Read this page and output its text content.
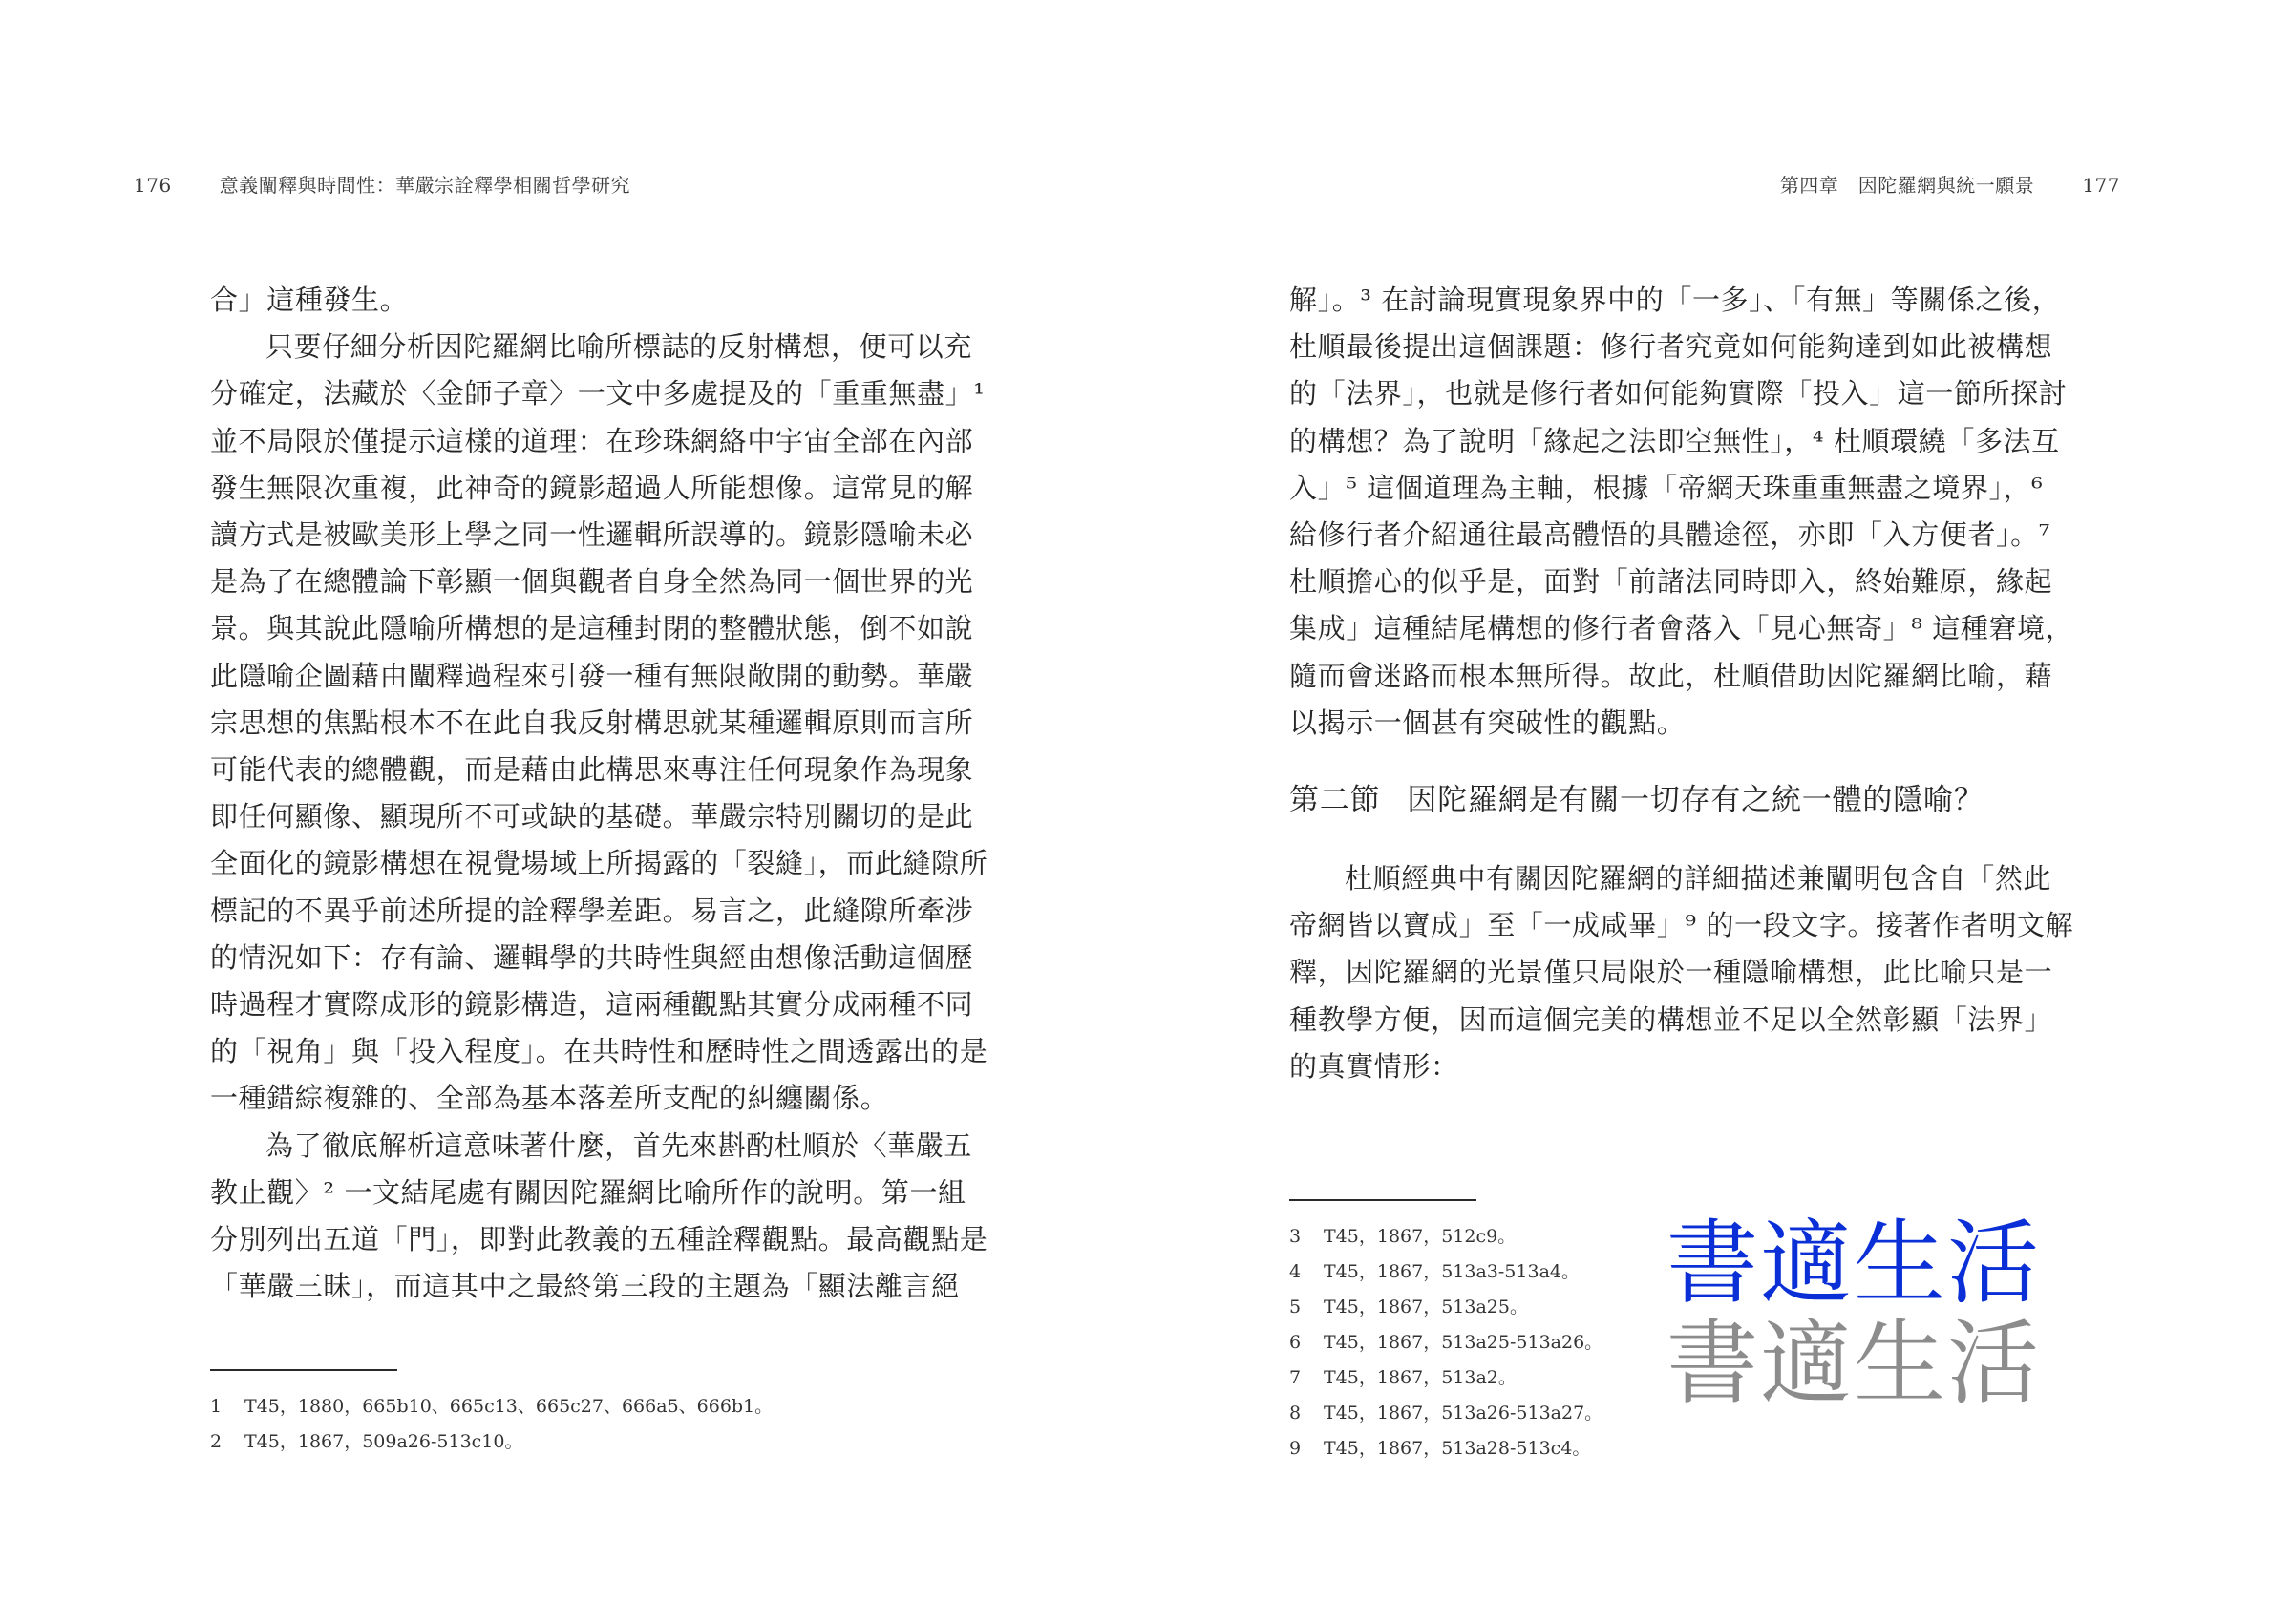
176	意義闡釋與時間性：華嚴宗詮釋學相關哲學研究

合」這種發生。

只要仔細分析因陀羅網比喻所標誌的反射構想，便可以充分確定，法藏於〈金師子章〉一文中多處提及的「重重無盡」¹並不局限於僅提示這樣的道理：在珍珠網絡中宇宙全部在內部發生無限次重複，此神奇的鏡影超過人所能想像。這常見的解讀方式是被歐美形上學之同一性邏輯所誤導的。鏡影隱喻未必是為了在總體論下彰顯一個與觀者自身全然為同一個世界的光景。與其說此隱喻所構想的是這種封閉的整體狀態，倒不如說此隱喻企圖藉由闡釋過程來引發一種有無限敞開的動勢。華嚴宗思想的焦點根本不在此自我反射構思就某種邏輯原則而言所可能代表的總體觀，而是藉由此構思來專注任何現象作為現象即任何顯像、顯現所不可或缺的基礎。華嚴宗特別關切的是此全面化的鏡影構想在視覺場域上所揭露的「裂縫」，而此縫隙所標記的不異乎前述所提的詮釋學差距。易言之，此縫隙所牽涉的情況如下：存有論、邏輯學的共時性與經由想像活動這個歷時過程才實際成形的鏡影構造，這兩種觀點其實分成兩種不同的「視角」與「投入程度」。在共時性和歷時性之間透露出的是一種錯綜複雜的、全部為基本落差所支配的糾纏關係。

為了徹底解析這意味著什麼，首先來斟酌杜順於〈華嚴五教止觀〉² 一文結尾處有關因陀羅網比喻所作的說明。第一組分別列出五道「門」，即對此教義的五種詮釋觀點。最高觀點是「華嚴三昧」，而這其中之最終第三段的主題為「顯法離言絕

1 T45，1880，665b10、665c13、665c27、666a5、666b1。
2 T45，1867，509a26-513c10。
第四章　因陀羅網與統一願景	177

解」。³ 在討論現實現象界中的「一多」、「有無」等關係之後，杜順最後提出這個課題：修行者究竟如何能夠達到如此被構想的「法界」，也就是修行者如何能夠實際「投入」這一節所探討的構想？為了說明「緣起之法即空無性」，⁴ 杜順環繞「多法互入」⁵ 這個道理為主軸，根據「帝網天珠重重無盡之境界」，⁶ 給修行者介紹通往最高體悟的具體途徑，亦即「入方便者」。⁷ 杜順擔心的似乎是，面對「前諸法同時即入，終始難原，緣起集成」這種結尾構想的修行者會落入「見心無寄」⁸ 這種窘境，隨而會迷路而根本無所得。故此，杜順借助因陀羅網比喻，藉以揭示一個甚有突破性的觀點。

第二節 因陀羅網是有關一切存有之統一體的隱喻？

杜順經典中有關因陀羅網的詳細描述兼闡明包含自「然此帝網皆以寶成」至「一成咸畢」⁹ 的一段文字。接著作者明文解釋，因陀羅網的光景僅只局限於一種隱喻構想，此比喻只是一種教學方便，因而這個完美的構想並不足以全然彰顯「法界」的真實情形：

3 T45，1867，512c9。
4 T45，1867，513a3-513a4。
5 T45，1867，513a25。
6 T45，1867，513a25-513a26。
7 T45，1867，513a2。
8 T45，1867，513a26-513a27。
9 T45，1867，513a28-513c4。
書適生活
書適生活
